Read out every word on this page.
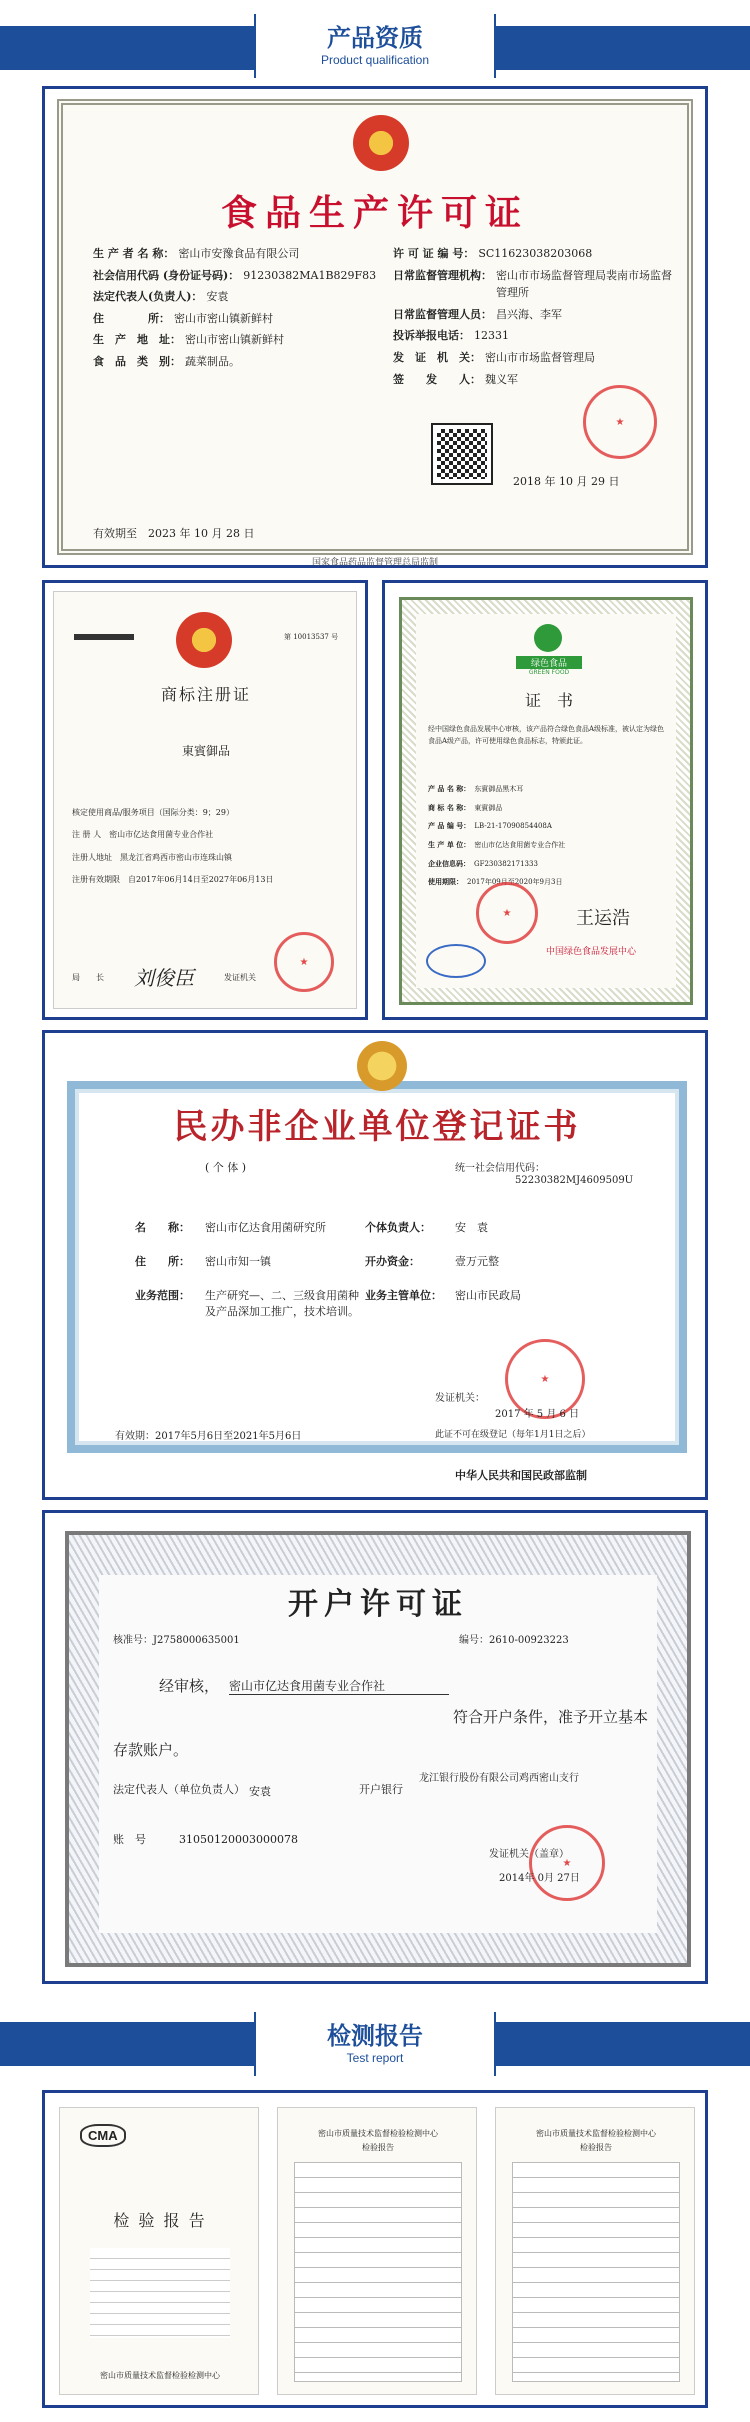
产品资质
Product qualification
食品生产许可证
生 产 者 名 称： 密山市安豫食品有限公司
社会信用代码 (身份证号码)： 91230382MA1B829F83
法定代表人(负责人)： 安袁
住　　　　所： 密山市密山镇新鲜村
生　产　地　址： 密山市密山镇新鲜村
食　品　类　别： 蔬菜制品。
许 可 证 编 号： SC11623038203068
日常监督管理机构： 密山市市场监督管理局裴南市场监督管理所
日常监督管理人员： 昌兴海、李军
投诉举报电话： 12331
发　证　机　关： 密山市市场监督管理局
签　　发　　人： 魏义军
★
2018 年 10 月 29 日
有效期至　2023 年 10 月 28 日
国家食品药品监督管理总局监制
第 10013537 号
商标注册证
東賓御品
核定使用商品/服务项目（国际分类：9；29）
注 册 人　密山市亿达食用菌专业合作社
注册人地址　黑龙江省鸡西市密山市连珠山镇
注册有效期限　自2017年06月14日至2027年06月13日
★
局　　长 刘俊臣	发证机关
绿色食品
GREEN FOOD
证　书
经中国绿色食品发展中心审核，该产品符合绿色食品A级标准，被认定为绿色食品A级产品，许可使用绿色食品标志，特颁此证。
产 品 名 称： 东賓御品黑木耳
商 标 名 称： 東賓御品
产 品 编 号： LB-21-17090854408A
生 产 单 位： 密山市亿达食用菌专业合作社
企业信息码： GF230382171333
使用期限： 2017年09月至2020年9月3日
★	王运浩
中国绿色食品发展中心
民办非企业单位登记证书
( 个 体 )	统一社会信用代码：
52230382MJ4609509U
名　　称：	密山市亿达食用菌研究所	个体负责人：	安　袁
住　　所：	密山市知一镇	开办资金：	壹万元整
业务范围：	生产研究—、二、三级食用菌种及产品深加工推广，技术培训。
业务主管单位：	密山市民政局
★
发证机关：
2017 年 5 月 6 日
有效期：2017年5月6日至2021年5月6日	此证不可在级登记（每年1月1日之后）
中华人民共和国民政部监制
开户许可证
核准号：J2758000635001	编号：2610-00923223
经审核， 密山市亿达食用菌专业合作社
符合开户条件，准予开立基本存款账户。
法定代表人（单位负责人） 安袁	开户银行
龙江银行股份有限公司鸡西密山支行
账　号	31050120003000078
★
发证机关（盖章）
2014年 0月 27日
检测报告
Test report
CMA
检 验 报 告
密山市质量技术监督检验检测中心
密山市质量技术监督检验检测中心
检验报告
密山市质量技术监督检验检测中心
检验报告
